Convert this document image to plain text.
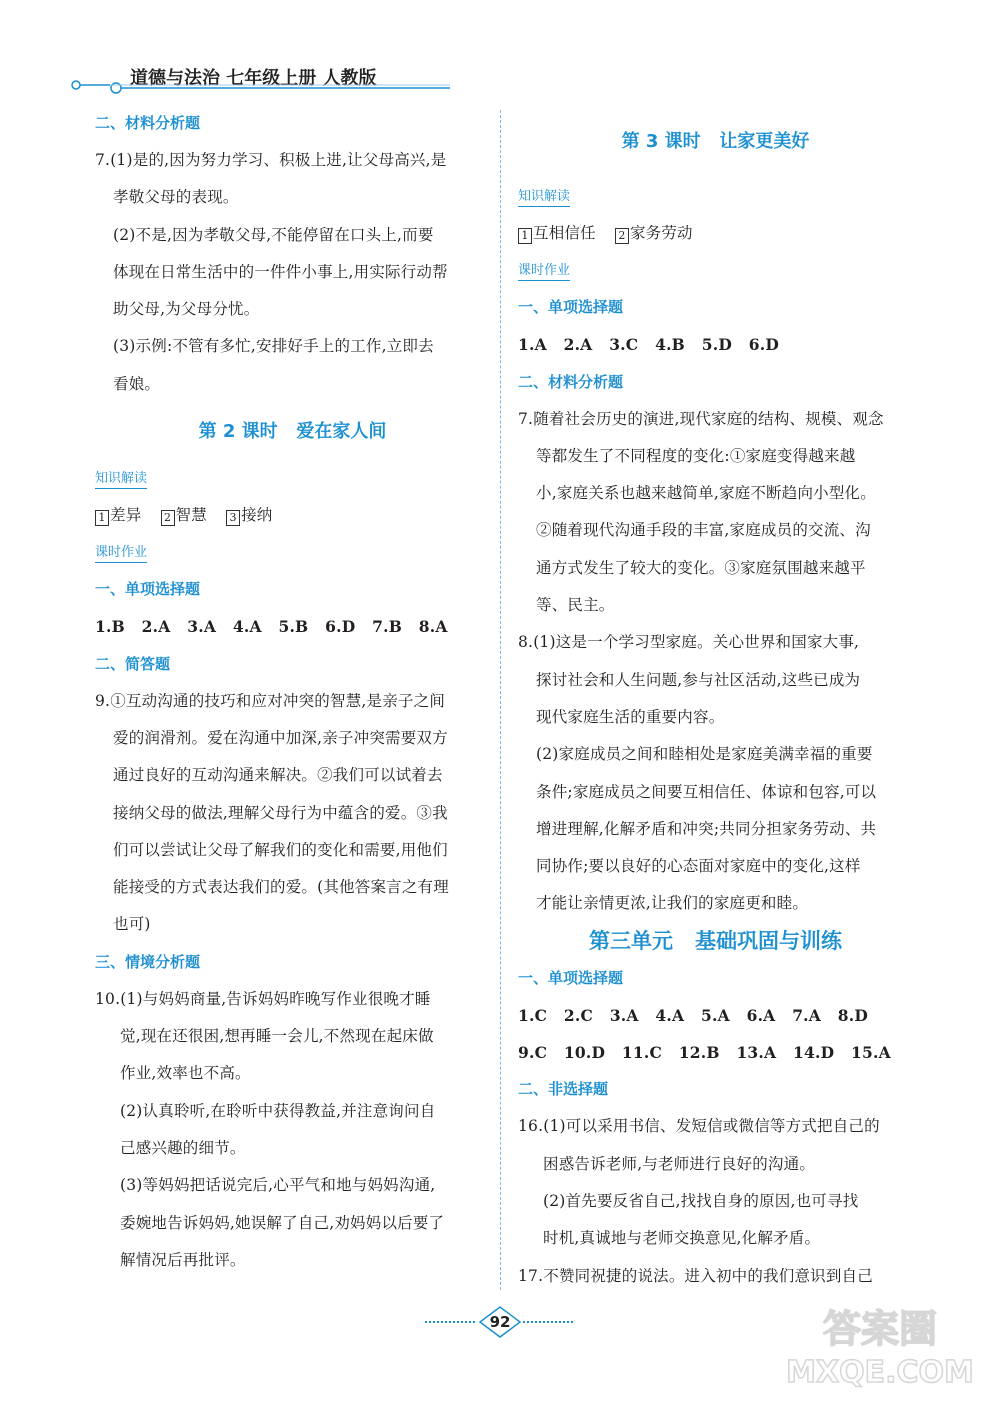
道德与法治 七年级上册 人教版
二、材料分析题
7.(1)是的,因为努力学习、积极上进,让父母高兴,是
孝敬父母的表现。
(2)不是,因为孝敬父母,不能停留在口头上,而要
体现在日常生活中的一件件小事上,用实际行动帮
助父母,为父母分忧。
(3)示例:不管有多忙,安排好手上的工作,立即去
看娘。
第 2 课时   爱在家人间
知识解读
1 差异 2 智慧 3 接纳
课时作业
一、单项选择题
1.B   2.A   3.A   4.A   5.B   6.D   7.B   8.A
二、简答题
9.①互动沟通的技巧和应对冲突的智慧,是亲子之间
爱的润滑剂。爱在沟通中加深,亲子冲突需要双方
通过良好的互动沟通来解决。②我们可以试着去
接纳父母的做法,理解父母行为中蕴含的爱。③我
们可以尝试让父母了解我们的变化和需要,用他们
能接受的方式表达我们的爱。(其他答案言之有理
也可)
三、情境分析题
10.(1)与妈妈商量,告诉妈妈昨晚写作业很晚才睡
觉,现在还很困,想再睡一会儿,不然现在起床做
作业,效率也不高。
(2)认真聆听,在聆听中获得教益,并注意询问自
己感兴趣的细节。
(3)等妈妈把话说完后,心平气和地与妈妈沟通,
委婉地告诉妈妈,她误解了自己,劝妈妈以后要了
解情况后再批评。
第 3 课时   让家更美好
知识解读
1 互相信任 2 家务劳动
课时作业
一、单项选择题
1.A   2.A   3.C   4.B   5.D   6.D
二、材料分析题
7.随着社会历史的演进,现代家庭的结构、规模、观念
等都发生了不同程度的变化:①家庭变得越来越
小,家庭关系也越来越简单,家庭不断趋向小型化。
②随着现代沟通手段的丰富,家庭成员的交流、沟
通方式发生了较大的变化。③家庭氛围越来越平
等、民主。
8.(1)这是一个学习型家庭。关心世界和国家大事,
探讨社会和人生问题,参与社区活动,这些已成为
现代家庭生活的重要内容。
(2)家庭成员之间和睦相处是家庭美满幸福的重要
条件;家庭成员之间要互相信任、体谅和包容,可以
增进理解,化解矛盾和冲突;共同分担家务劳动、共
同协作;要以良好的心态面对家庭中的变化,这样
才能让亲情更浓,让我们的家庭更和睦。
第三单元   基础巩固与训练
一、单项选择题
1.C   2.C   3.A   4.A   5.A   6.A   7.A   8.D
9.C   10.D   11.C   12.B   13.A   14.D   15.A
二、非选择题
16.(1)可以采用书信、发短信或微信等方式把自己的
困惑告诉老师,与老师进行良好的沟通。
(2)首先要反省自己,找找自身的原因,也可寻找
时机,真诚地与老师交换意见,化解矛盾。
17.不赞同祝捷的说法。进入初中的我们意识到自己
92	答案圈
MXQE.COM
